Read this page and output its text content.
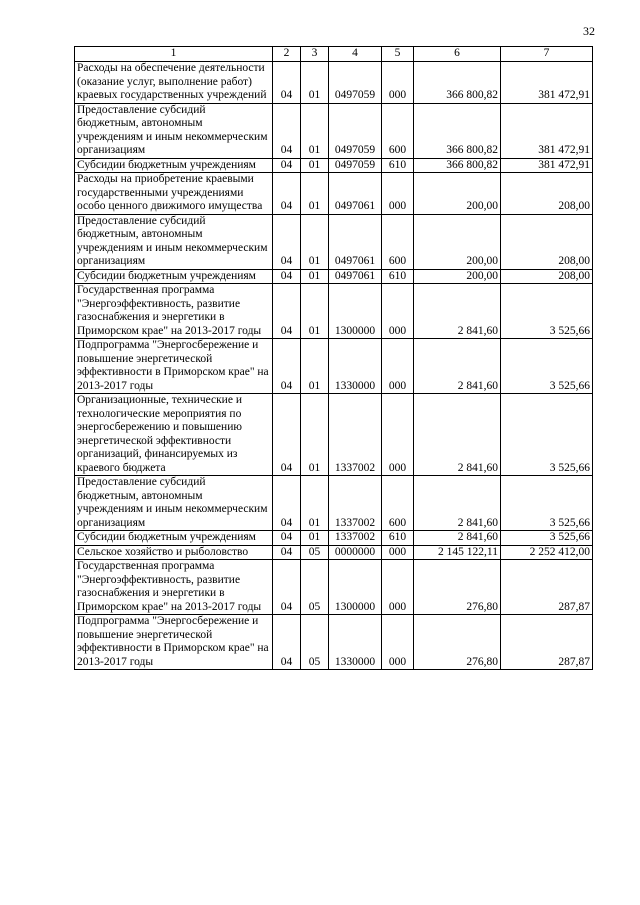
32
1	2	3	4	5	6	7
Расходы на обеспечение деятельности (оказание услуг, выполнение работ) краевых государственных учреждений	04	01	0497059	000	366 800,82	381 472,91
Предоставление субсидий бюджетным, автономным учреждениям и иным некоммерческим организациям	04	01	0497059	600	366 800,82	381 472,91
Субсидии бюджетным учреждениям	04	01	0497059	610	366 800,82	381 472,91
Расходы на приобретение краевыми государственными учреждениями особо ценного движимого имущества	04	01	0497061	000	200,00	208,00
Предоставление субсидий бюджетным, автономным учреждениям и иным некоммерческим организациям	04	01	0497061	600	200,00	208,00
Субсидии бюджетным учреждениям	04	01	0497061	610	200,00	208,00
Государственная программа "Энергоэффективность, развитие газоснабжения и энергетики в Приморском крае" на 2013-2017 годы	04	01	1300000	000	2 841,60	3 525,66
Подпрограмма "Энергосбережение и повышение энергетической эффективности в Приморском крае" на 2013-2017 годы	04	01	1330000	000	2 841,60	3 525,66
Организационные, технические и технологические мероприятия по энергосбережению и повышению энергетической эффективности организаций, финансируемых из краевого бюджета	04	01	1337002	000	2 841,60	3 525,66
Предоставление субсидий бюджетным, автономным учреждениям и иным некоммерческим организациям	04	01	1337002	600	2 841,60	3 525,66
Субсидии бюджетным учреждениям	04	01	1337002	610	2 841,60	3 525,66
Сельское хозяйство и рыболовство	04	05	0000000	000	2 145 122,11	2 252 412,00
Государственная программа "Энергоэффективность, развитие газоснабжения и энергетики в Приморском крае" на 2013-2017 годы	04	05	1300000	000	276,80	287,87
Подпрограмма "Энергосбережение и повышение энергетической эффективности в Приморском крае" на 2013-2017 годы	04	05	1330000	000	276,80	287,87
